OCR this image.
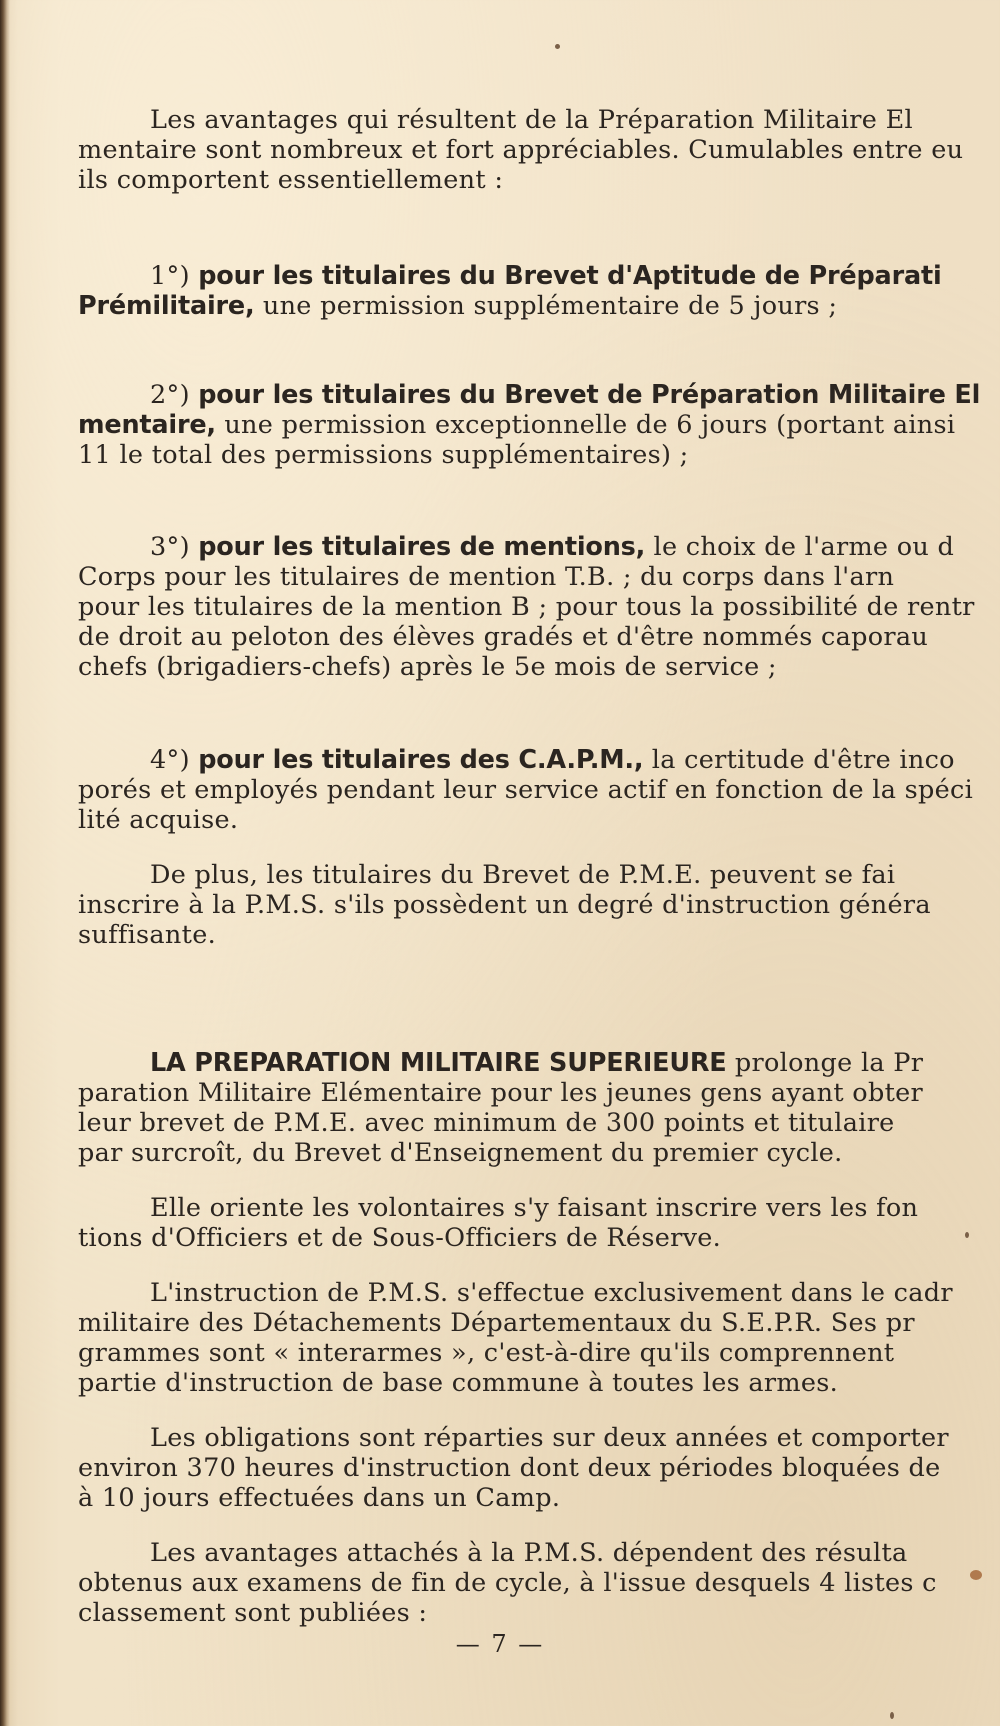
Les avantages qui résultent de la Préparation Militaire El
mentaire sont nombreux et fort appréciables. Cumulables entre eu
ils comportent essentiellement :
1°) pour les titulaires du Brevet d'Aptitude de Préparati
Prémilitaire, une permission supplémentaire de 5 jours ;
2°) pour les titulaires du Brevet de Préparation Militaire El
mentaire, une permission exceptionnelle de 6 jours (portant ainsi
11 le total des permissions supplémentaires) ;
3°) pour les titulaires de mentions, le choix de l'arme ou d
Corps pour les titulaires de mention T.B. ; du corps dans l'arn
pour les titulaires de la mention B ; pour tous la possibilité de rentr
de droit au peloton des élèves gradés et d'être nommés caporau
chefs (brigadiers-chefs) après le 5e mois de service ;
4°) pour les titulaires des C.A.P.M., la certitude d'être inco
porés et employés pendant leur service actif en fonction de la spéci
lité acquise.
De plus, les titulaires du Brevet de P.M.E. peuvent se fai
inscrire à la P.M.S. s'ils possèdent un degré d'instruction généra
suffisante.
LA PREPARATION MILITAIRE SUPERIEURE prolonge la Pr
paration Militaire Elémentaire pour les jeunes gens ayant obter
leur brevet de P.M.E. avec minimum de 300 points et titulaire
par surcroît, du Brevet d'Enseignement du premier cycle.
Elle oriente les volontaires s'y faisant inscrire vers les fon
tions d'Officiers et de Sous-Officiers de Réserve.
L'instruction de P.M.S. s'effectue exclusivement dans le cadr
militaire des Détachements Départementaux du S.E.P.R. Ses pr
grammes sont « interarmes », c'est-à-dire qu'ils comprennent
partie d'instruction de base commune à toutes les armes.
Les obligations sont réparties sur deux années et comporter
environ 370 heures d'instruction dont deux périodes bloquées de
à 10 jours effectuées dans un Camp.
Les avantages attachés à la P.M.S. dépendent des résulta
obtenus aux examens de fin de cycle, à l'issue desquels 4 listes c
classement sont publiées :
— 7 —
